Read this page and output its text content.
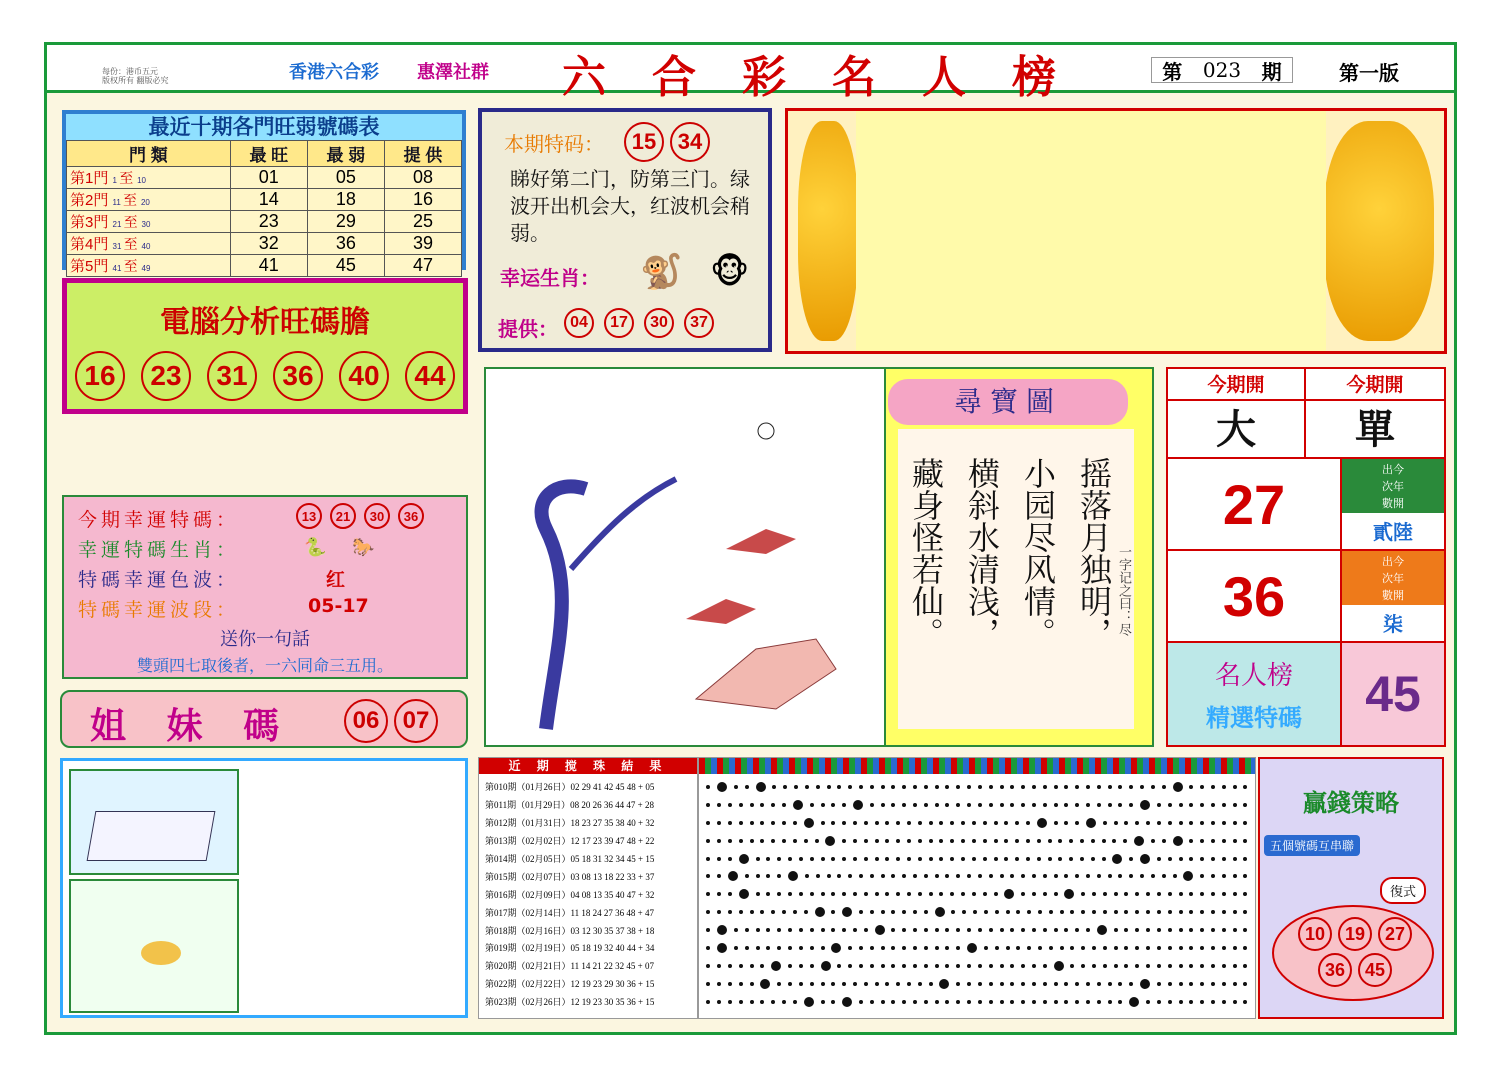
每份：港币五元
版权所有 翻版必究	香港六合彩 惠澤社群 六合彩名人榜	第 023 期	第一版
最近十期各門旺弱號碼表
門 類	最 旺	最 弱	提 供
第1門 1 至 10	01	05	08
第2門 11 至 20	14	18	16
第3門 21 至 30	23	29	25
第4門 31 至 40	32	36	39
第5門 41 至 49	41	45	47
電腦分析旺碼膽
16	23	31	36	40	44
本期特码：	15 34
睇好第二门，防第三门。绿波开出机会大，红波机会稍弱。
幸运生肖： 🐒 🐵
提供： 04	17	30	37
今期幸運特碼：	13	21	30	36
幸運特碼生肖：	🐍 🐎
特碼幸運色波：	红
特碼幸運波段：	05-17
送你一句話
雙頭四七取後者，一六同命三五用。
姐 妹 碼	06 07
尋寶圖
摇落月独明，
小园尽风情。
横斜水清浅，
藏身怪若仙。	一字记之曰：尽
今期開	今期開
大	單
27
出今
次年
數開
貳陸
36
出今
次年
數開
柒
名人榜
精選特碼	45
近 期 搅 珠 結 果
第010期（01月26日）02 29 41 42 45 48 + 05
第011期（01月29日）08 20 26 36 44 47 + 28
第012期（01月31日）18 23 27 35 38 40 + 32
第013期（02月02日）12 17 23 39 47 48 + 22
第014期（02月05日）05 18 31 32 34 45 + 15
第015期（02月07日）03 08 13 18 22 33 + 37
第016期（02月09日）04 08 13 35 40 47 + 32
第017期（02月14日）11 18 24 27 36 48 + 47
第018期（02月16日）03 12 30 35 37 38 + 18
第019期（02月19日）05 18 19 32 40 44 + 34
第020期（02月21日）11 14 21 22 32 45 + 07
第022期（02月22日）12 19 23 29 30 36 + 15
第023期（02月26日）12 19 23 30 35 36 + 15
贏錢策略
五個號碼互串聯
復式
10	19	27
36	45
